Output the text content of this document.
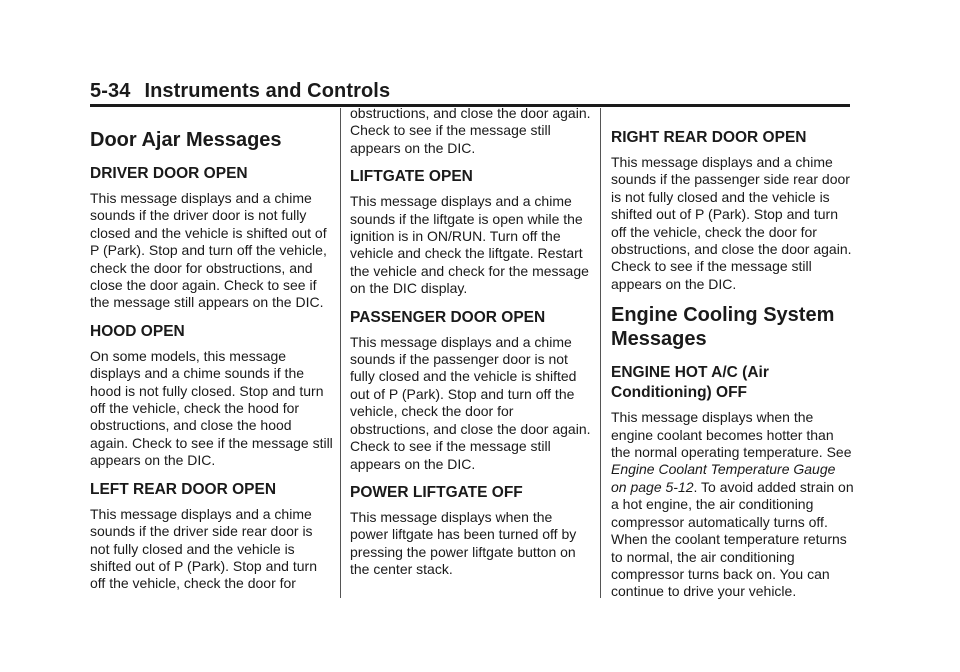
5-34 Instruments and Controls
Door Ajar Messages
DRIVER DOOR OPEN

This message displays and a chime sounds if the driver door is not fully closed and the vehicle is shifted out of P (Park). Stop and turn off the vehicle, check the door for obstructions, and close the door again. Check to see if the message still appears on the DIC.

HOOD OPEN

On some models, this message displays and a chime sounds if the hood is not fully closed. Stop and turn off the vehicle, check the hood for obstructions, and close the hood again. Check to see if the message still appears on the DIC.

LEFT REAR DOOR OPEN

This message displays and a chime sounds if the driver side rear door is not fully closed and the vehicle is shifted out of P (Park). Stop and turn off the vehicle, check the door for

obstructions, and close the door again. Check to see if the message still appears on the DIC.

LIFTGATE OPEN

This message displays and a chime sounds if the liftgate is open while the ignition is in ON/RUN. Turn off the vehicle and check the liftgate. Restart the vehicle and check for the message on the DIC display.

PASSENGER DOOR OPEN

This message displays and a chime sounds if the passenger door is not fully closed and the vehicle is shifted out of P (Park). Stop and turn off the vehicle, check the door for obstructions, and close the door again. Check to see if the message still appears on the DIC.

POWER LIFTGATE OFF

This message displays when the power liftgate has been turned off by pressing the power liftgate button on the center stack.

RIGHT REAR DOOR OPEN

This message displays and a chime sounds if the passenger side rear door is not fully closed and the vehicle is shifted out of P (Park). Stop and turn off the vehicle, check the door for obstructions, and close the door again. Check to see if the message still appears on the DIC.

Engine Cooling System Messages
ENGINE HOT A/C (Air Conditioning) OFF

This message displays when the engine coolant becomes hotter than the normal operating temperature. See Engine Coolant Temperature Gauge on page 5-12. To avoid added strain on a hot engine, the air conditioning compressor automatically turns off. When the coolant temperature returns to normal, the air conditioning compressor turns back on. You can continue to drive your vehicle.
